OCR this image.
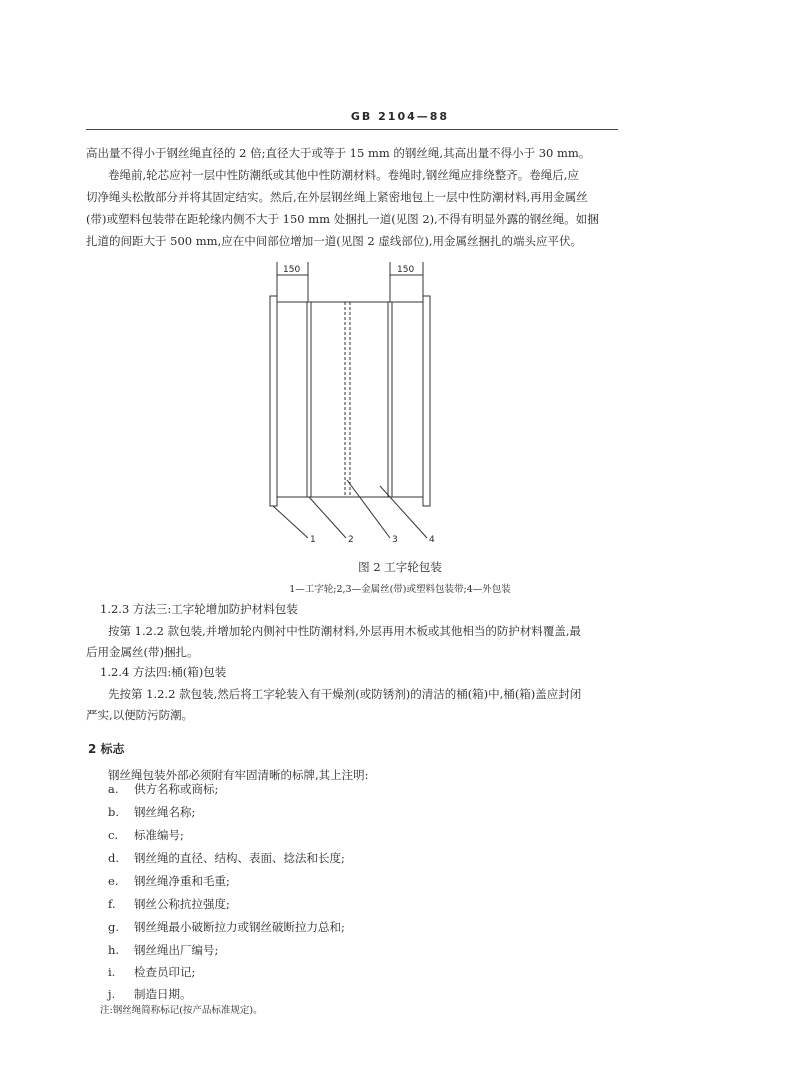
GB 2104—88
高出量不得小于钢丝绳直径的 2 倍;直径大于或等于 15 mm 的钢丝绳,其高出量不得小于 30 mm。
卷绳前,轮芯应衬一层中性防潮纸或其他中性防潮材料。卷绳时,钢丝绳应排绕整齐。卷绳后,应
切净绳头松散部分并将其固定结实。然后,在外层钢丝绳上紧密地包上一层中性防潮材料,再用金属丝
(带)或塑料包装带在距轮缘内侧不大于 150 mm 处捆扎一道(见图 2),不得有明显外露的钢丝绳。如捆
扎道的间距大于 500 mm,应在中间部位增加一道(见图 2 虚线部位),用金属丝捆扎的端头应平伏。
150	150
1	2	3	4
图 2 工字轮包装
1—工字轮;2,3—金属丝(带)或塑料包装带;4—外包装
1.2.3 方法三:工字轮增加防护材料包装
按第 1.2.2 款包装,并增加轮内侧衬中性防潮材料,外层再用木板或其他相当的防护材料覆盖,最
后用金属丝(带)捆扎。
1.2.4 方法四:桶(箱)包装
先按第 1.2.2 款包装,然后将工字轮装入有干燥剂(或防锈剂)的清洁的桶(箱)中,桶(箱)盖应封闭
严实,以便防污防潮。
2 标志
钢丝绳包装外部必须附有牢固清晰的标牌,其上注明:
a. 供方名称或商标;
b. 钢丝绳名称;
c. 标准编号;
d. 钢丝绳的直径、结构、表面、捻法和长度;
e. 钢丝绳净重和毛重;
f. 钢丝公称抗拉强度;
g. 钢丝绳最小破断拉力或钢丝破断拉力总和;
h. 钢丝绳出厂编号;
i. 检查员印记;
j. 制造日期。
注:钢丝绳简称标记(按产品标准规定)。
